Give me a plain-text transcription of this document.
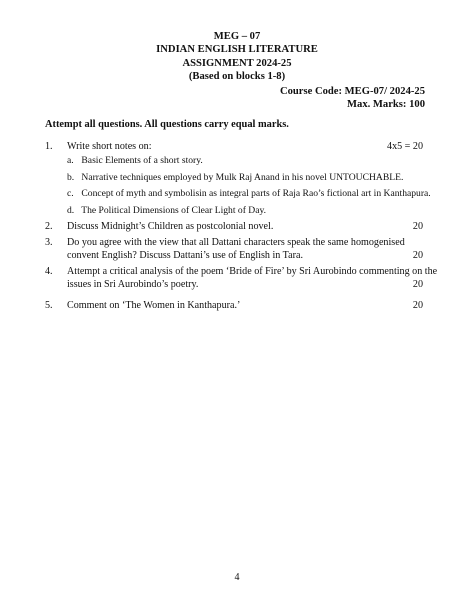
MEG – 07
INDIAN ENGLISH LITERATURE
ASSIGNMENT 2024-25
(Based on blocks 1-8)
Course Code: MEG-07/ 2024-25
Max. Marks: 100
Attempt all questions. All questions carry equal marks.
1. Write short notes on:	4x5 = 20
a. Basic Elements of a short story.
b. Narrative techniques employed by Mulk Raj Anand in his novel UNTOUCHABLE.
c. Concept of myth and symbolisin as integral parts of Raja Rao’s fictional art in Kanthapura.
d. The Political Dimensions of Clear Light of Day.
2. Discuss Midnight’s Children as postcolonial novel.	20
3. Do you agree with the view that all Dattani characters speak the same homogenised convent English? Discuss Dattani’s use of English in Tara.	20
4. Attempt a critical analysis of the poem ‘Bride of Fire’ by Sri Aurobindo commenting on the issues in Sri Aurobindo’s poetry.	20
5. Comment on ‘The Women in Kanthapura.’	20
4
